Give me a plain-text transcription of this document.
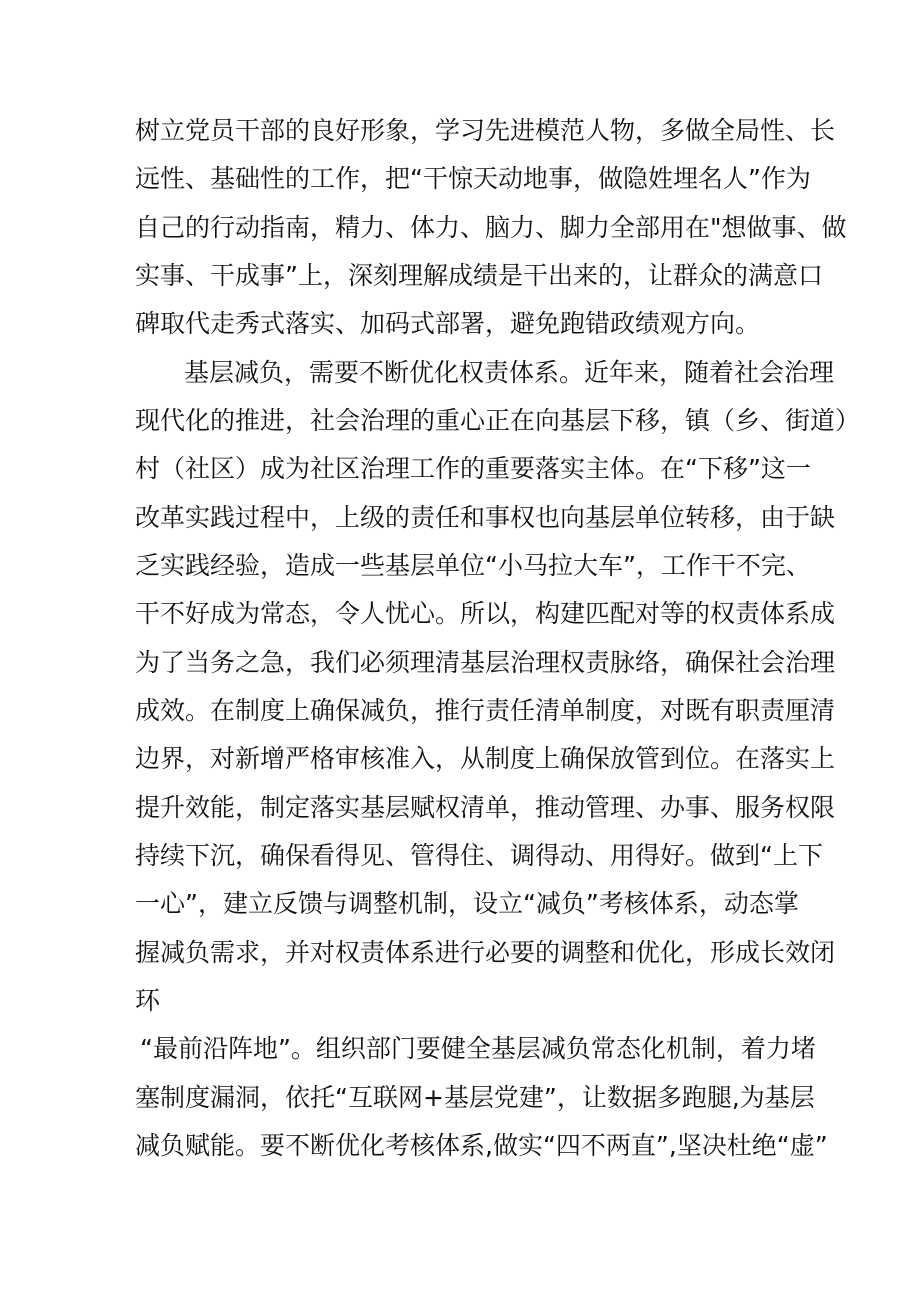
树立党员干部的良好形象，学习先进模范人物，多做全局性、长
远性、基础性的工作，把“干惊天动地事，做隐姓埋名人”作为
自己的行动指南，精力、体力、脑力、脚力全部用在"想做事、做
实事、干成事”上，深刻理解成绩是干出来的，让群众的满意口
碑取代走秀式落实、加码式部署，避免跑错政绩观方向。
基层减负，需要不断优化权责体系。近年来，随着社会治理
现代化的推进，社会治理的重心正在向基层下移，镇（乡、街道）
村（社区）成为社区治理工作的重要落实主体。在“下移”这一
改革实践过程中，上级的责任和事权也向基层单位转移，由于缺
乏实践经验，造成一些基层单位“小马拉大车”，工作干不完、
干不好成为常态，令人忧心。所以，构建匹配对等的权责体系成
为了当务之急，我们必须理清基层治理权责脉络，确保社会治理
成效。在制度上确保减负，推行责任清单制度，对既有职责厘清
边界，对新增严格审核准入，从制度上确保放管到位。在落实上
提升效能，制定落实基层赋权清单，推动管理、办事、服务权限
持续下沉，确保看得见、管得住、调得动、用得好。做到“上下
一心”，建立反馈与调整机制，设立“减负”考核体系，动态掌
握减负需求，并对权责体系进行必要的调整和优化，形成长效闭
环
“最前沿阵地”。组织部门要健全基层减负常态化机制，着力堵
塞制度漏洞，依托“互联网+基层党建”，让数据多跑腿,为基层
减负赋能。要不断优化考核体系,做实“四不两直”,坚决杜绝“虚”
